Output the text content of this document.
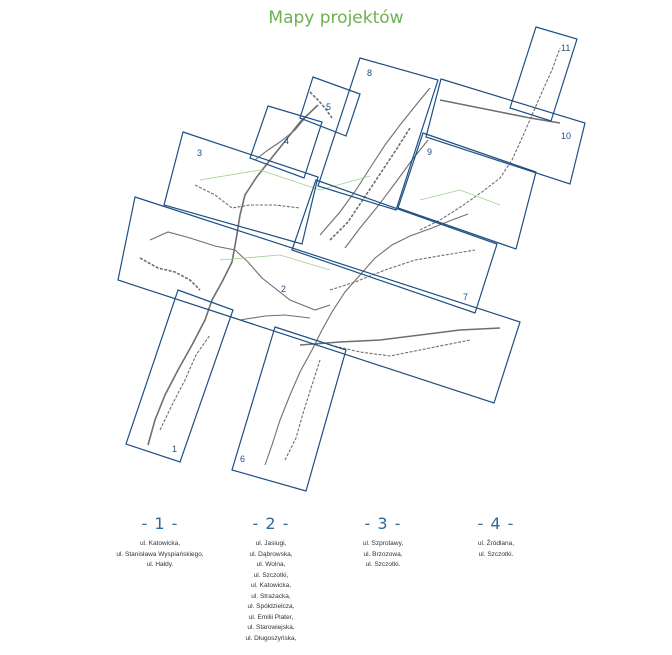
Mapy projektów
1
2
3
4
5
6
7
8
9
10
11
- 1 -
ul. Katowicka,
ul. Stanisława Wyspiańskiego,
ul. Hałdy.
- 2 -
ul. Jasiugi,
ul. Dąbrowska,
ul. Wolna,
ul. Szczotki,
ul. Katowicka,
ul. Strażacka,
ul. Spółdzielcza,
ul. Emilii Plater,
ul. Starowiejska,
ul. Długoszyńska,
- 3 -
ul. Szprotawy,
ul. Brzozowa,
ul. Szczotki.
- 4 -
ul. Źródlana,
ul. Szczotki.
